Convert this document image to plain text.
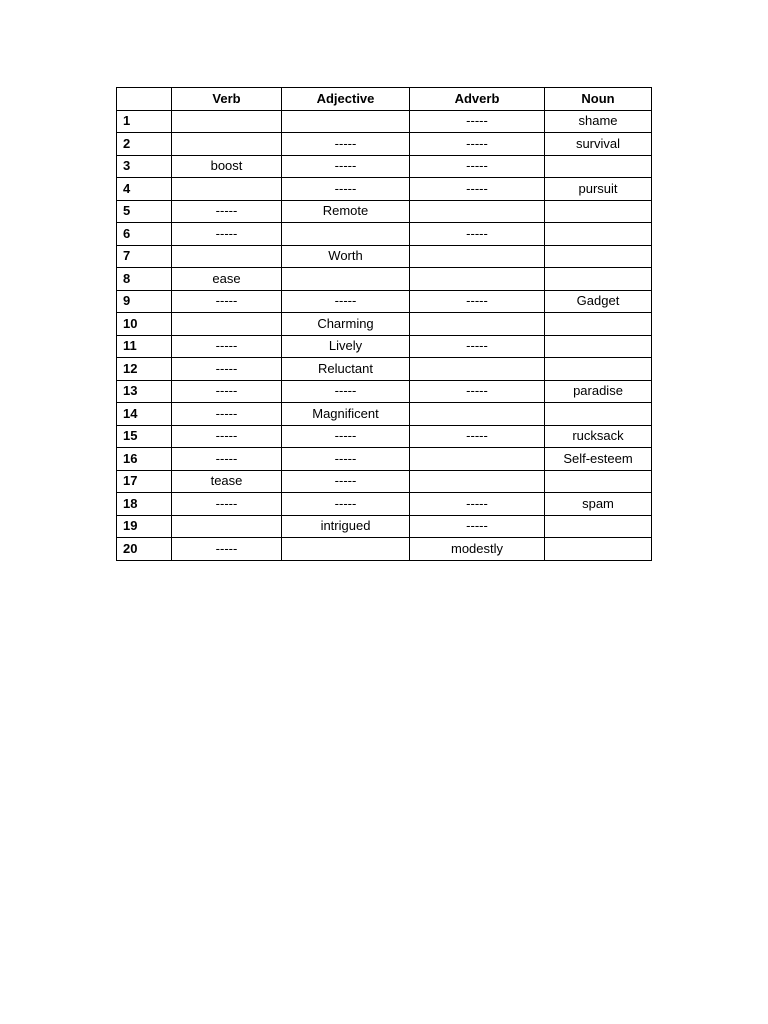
	Verb	Adjective	Adverb	Noun
1			-----	shame
2		-----	-----	survival
3	boost	-----	-----	
4		-----	-----	pursuit
5	-----	Remote		
6	-----		-----	
7		Worth		
8	ease			
9	-----	-----	-----	Gadget
10		Charming		
11	-----	Lively	-----	
12	-----	Reluctant		
13	-----	-----	-----	paradise
14	-----	Magnificent		
15	-----	-----	-----	rucksack
16	-----	-----		Self-esteem
17	tease	-----		
18	-----	-----	-----	spam
19		intrigued	-----	
20	-----		modestly	
